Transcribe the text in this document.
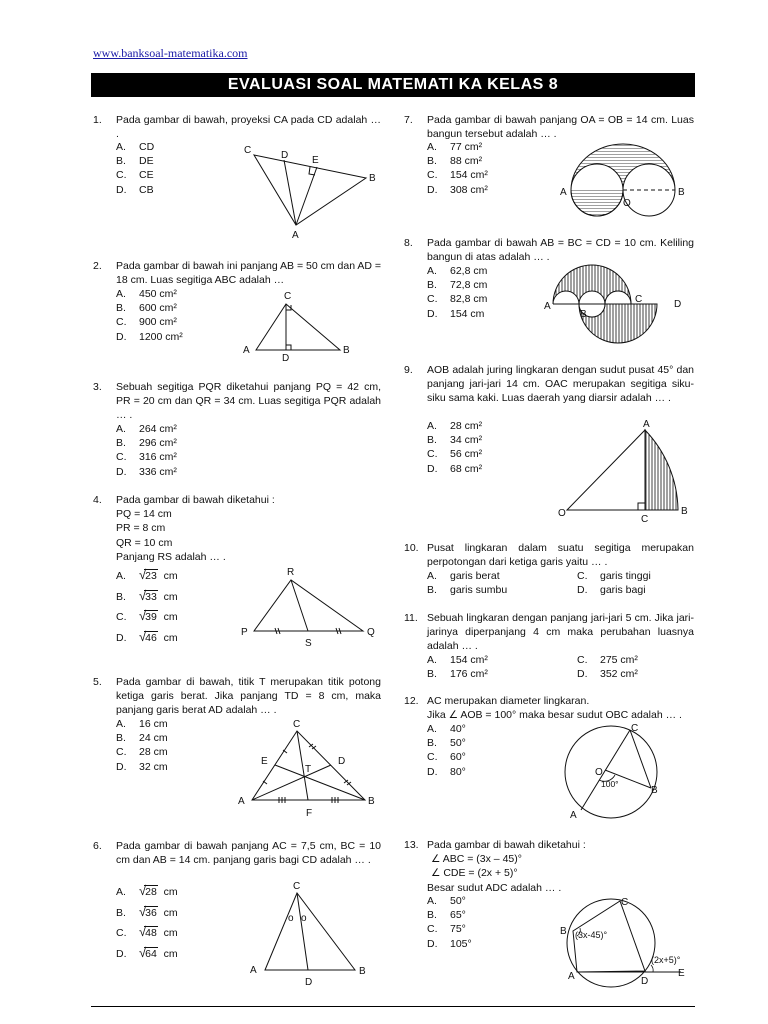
www.banksoal-matematika.com
EVALUASI SOAL MATEMATI KA KELAS 8
1. Pada gambar di bawah, proyeksi CA pada CD adalah … .
A. CD
B. DE
C. CE
D. CB
C	D E
B
A
2. Pada gambar di bawah ini panjang AB = 50 cm dan AD = 18 cm. Luas segitiga ABC adalah …
A. 450 cm²
B. 600 cm²
C. 900 cm²
D. 1200 cm²
C
A
D
B
3. Sebuah segitiga PQR diketahui panjang PQ = 42 cm, PR = 20 cm dan QR = 34 cm. Luas segitiga PQR adalah … .
A. 264 cm²
B. 296 cm²
C. 316 cm²
D. 336 cm²
4. Pada gambar di bawah diketahui :
PQ = 14 cm
PR = 8 cm
QR = 10 cm
Panjang RS adalah … .
A. √23 cm
B. √33 cm
C. √39 cm
D. √46 cm
R
P
S
Q
5. Pada gambar di bawah, titik T merupakan titik potong ketiga garis berat. Jika panjang TD = 8 cm, maka panjang garis berat AD adalah … .
A. 16 cm
B. 24 cm
C. 28 cm
D. 32 cm
C
E
T
D
A
F
B
6. Pada gambar di bawah panjang AC = 7,5 cm, BC = 10 cm dan AB = 14 cm. panjang garis bagi CD adalah … .
A. √28 cm
B. √36 cm
C. √48 cm
D. √64 cm
C
o o
A	B
D
7. Pada gambar di bawah panjang OA = OB = 14 cm. Luas bangun tersebut adalah … .
A. 77 cm²
B. 88 cm²
C. 154 cm²
D. 308 cm²	A
O
B
8. Pada gambar di bawah AB = BC = CD = 10 cm. Keliling bangun di atas adalah … .
A. 62,8 cm
B. 72,8 cm
C. 82,8 cm
D. 154 cm
A
B
C	D
9. AOB adalah juring lingkaran dengan sudut pusat 45° dan panjang jari-jari 14 cm. OAC merupakan segitiga siku-siku sama kaki. Luas daerah yang diarsir adalah … .
A. 28 cm²
B. 34 cm²
C. 56 cm²
D. 68 cm²
A
O
C
B
10. Pusat lingkaran dalam suatu segitiga merupakan perpotongan dari ketiga garis yaitu … .
A. garis berat	C. garis tinggi
B. garis sumbu	D. garis bagi
11. Sebuah lingkaran dengan panjang jari-jari 5 cm. Jika jari-jarinya diperpanjang 4 cm maka perubahan luasnya adalah … .
A. 154 cm²	C. 275 cm²
B. 176 cm²	D. 352 cm²
12. AC merupakan diameter lingkaran.
Jika ∠ AOB = 100° maka besar sudut OBC adalah … .
A. 40°
B. 50°
C. 60°
D. 80°
C
O
100°
B
A
13. Pada gambar di bawah diketahui :
∠ ABC = (3x – 45)°
∠ CDE = (2x + 5)°
Besar sudut ADC adalah … .
A. 50°
B. 65°
C. 75°
D. 105°
C
B (3x-45)°
(2x+5)°
A	D
E
